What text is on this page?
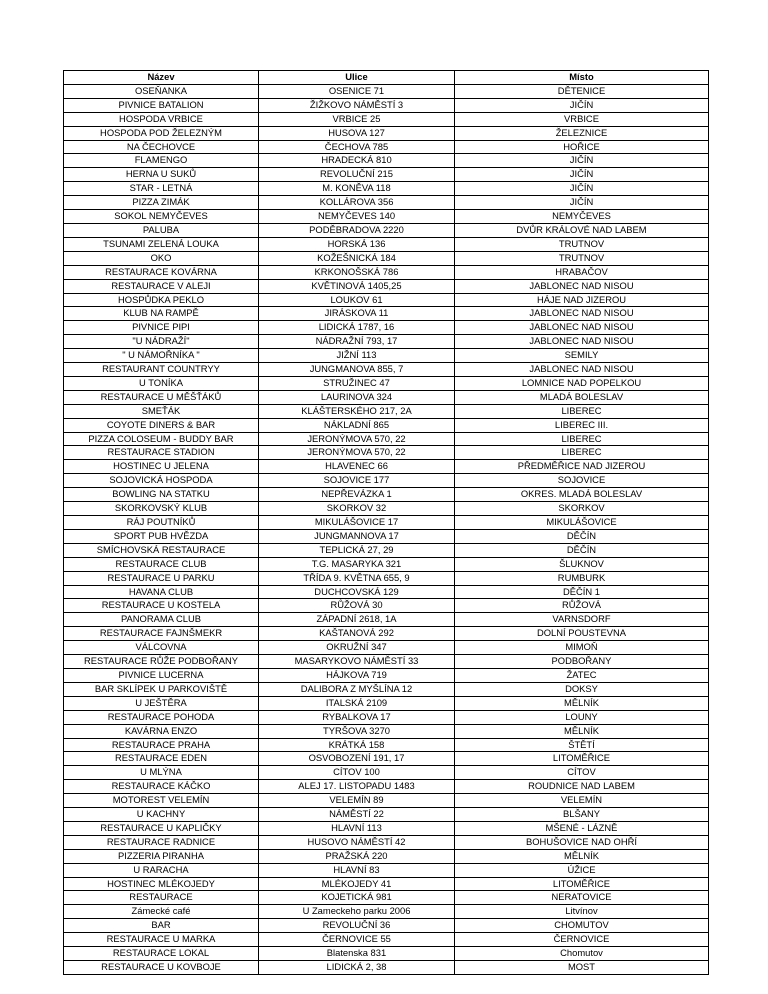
Název	Ulice	Místo
OSEŇANKA	OSENICE 71	DĚTENICE
PIVNICE BATALION	ŽIŽKOVO NÁMĚSTÍ 3	JIČÍN
HOSPODA VRBICE	VRBICE 25	VRBICE
HOSPODA POD ŽELEZNÝM	HUSOVA 127	ŽELEZNICE
NA ČECHOVCE	ČECHOVA 785	HOŘICE
FLAMENGO	HRADECKÁ 810	JIČÍN
HERNA U SUKŮ	REVOLUČNÍ 215	JIČÍN
STAR - LETNÁ	M. KONĚVA 118	JIČÍN
PIZZA ZIMÁK	KOLLÁROVA 356	JIČÍN
SOKOL NEMYČEVES	NEMYČEVES 140	NEMYČEVES
PALUBA	PODĚBRADOVA 2220	DVŮR KRÁLOVÉ NAD LABEM
TSUNAMI ZELENÁ LOUKA	HORSKÁ 136	TRUTNOV
OKO	KOŽEŠNICKÁ 184	TRUTNOV
RESTAURACE KOVÁRNA	KRKONOŠSKÁ 786	HRABAČOV
RESTAURACE V ALEJI	KVĚTINOVÁ 1405,25	JABLONEC NAD NISOU
HOSPŮDKA PEKLO	LOUKOV 61	HÁJE NAD JIZEROU
KLUB NA RAMPĚ	JIRÁSKOVA 11	JABLONEC NAD NISOU
PIVNICE PIPI	LIDICKÁ 1787, 16	JABLONEC NAD NISOU
"U NÁDRAŽÍ"	NÁDRAŽNÍ 793, 17	JABLONEC NAD NISOU
" U NÁMOŘNÍKA "	JIŽNÍ 113	SEMILY
RESTAURANT COUNTRYY	JUNGMANOVA 855, 7	JABLONEC NAD NISOU
U TONÍKA	STRUŽINEC 47	LOMNICE NAD POPELKOU
RESTAURACE U MĚŠŤÁKŮ	LAURINOVA 324	MLADÁ BOLESLAV
SMEŤÁK	KLÁŠTERSKÉHO 217, 2A	LIBEREC
COYOTE DINERS & BAR	NÁKLADNÍ 865	LIBEREC III.
PIZZA COLOSEUM - BUDDY BAR	JERONÝMOVA 570, 22	LIBEREC
RESTAURACE STADION	JERONÝMOVA 570, 22	LIBEREC
HOSTINEC U JELENA	HLAVENEC 66	PŘEDMĚŘICE NAD JIZEROU
SOJOVICKÁ HOSPODA	SOJOVICE 177	SOJOVICE
BOWLING NA STATKU	NEPŘEVÁZKA 1	OKRES. MLADÁ BOLESLAV
SKORKOVSKÝ KLUB	SKORKOV 32	SKORKOV
RÁJ POUTNÍKŮ	MIKULÁŠOVICE 17	MIKULÁŠOVICE
SPORT PUB HVĚZDA	JUNGMANNOVA 17	DĚČÍN
SMÍCHOVSKÁ RESTAURACE	TEPLICKÁ 27, 29	DĚČÍN
RESTAURACE CLUB	T.G. MASARYKA 321	ŠLUKNOV
RESTAURACE U PARKU	TŘÍDA 9. KVĚTNA 655, 9	RUMBURK
HAVANA CLUB	DUCHCOVSKÁ 129	DĚČÍN 1
RESTAURACE U KOSTELA	RŮŽOVÁ 30	RŮŽOVÁ
PANORAMA CLUB	ZÁPADNÍ 2618, 1A	VARNSDORF
RESTAURACE FAJNŠMEKR	KAŠTANOVÁ 292	DOLNÍ POUSTEVNA
VÁLCOVNA	OKRUŽNÍ 347	MIMOŇ
RESTAURACE RŮŽE PODBOŘANY	MASARYKOVO NÁMĚSTÍ 33	PODBOŘANY
PIVNICE LUCERNA	HÁJKOVA 719	ŽATEC
BAR SKLÍPEK U PARKOVIŠTĚ	DALIBORA Z MYŠLÍNA 12	DOKSY
U JEŠTĚRA	ITALSKÁ 2109	MĚLNÍK
RESTAURACE POHODA	RYBALKOVA 17	LOUNY
KAVÁRNA ENZO	TYRŠOVA 3270	MĚLNÍK
RESTAURACE PRAHA	KRÁTKÁ 158	ŠTĚTÍ
RESTAURACE EDEN	OSVOBOZENÍ 191, 17	LITOMĚŘICE
U MLÝNA	CÍTOV 100	CÍTOV
RESTAURACE KÁČKO	ALEJ 17. LISTOPADU 1483	ROUDNICE NAD LABEM
MOTOREST VELEMÍN	VELEMÍN 89	VELEMÍN
U KACHNY	NÁMĚSTÍ 22	BLŠANY
RESTAURACE U KAPLIČKY	HLAVNÍ 113	MŠENÉ - LÁZNĚ
RESTAURACE RADNICE	HUSOVO NÁMĚSTÍ 42	BOHUŠOVICE NAD OHŘÍ
PIZZERIA PIRANHA	PRAŽSKÁ 220	MĚLNÍK
U RARACHA	HLAVNÍ 83	ÚŽICE
HOSTINEC MLÉKOJEDY	MLÉKOJEDY 41	LITOMĚŘICE
RESTAURACE	KOJETICKÁ 981	NERATOVICE
Zámecké café	U Zameckeho parku 2006	Litvínov
BAR	REVOLUČNÍ 36	CHOMUTOV
RESTAURACE U MARKA	ČERNOVICE 55	ČERNOVICE
RESTAURACE LOKAL	Blatenska 831	Chomutov
RESTAURACE U KOVBOJE	LIDICKÁ 2, 38	MOST
